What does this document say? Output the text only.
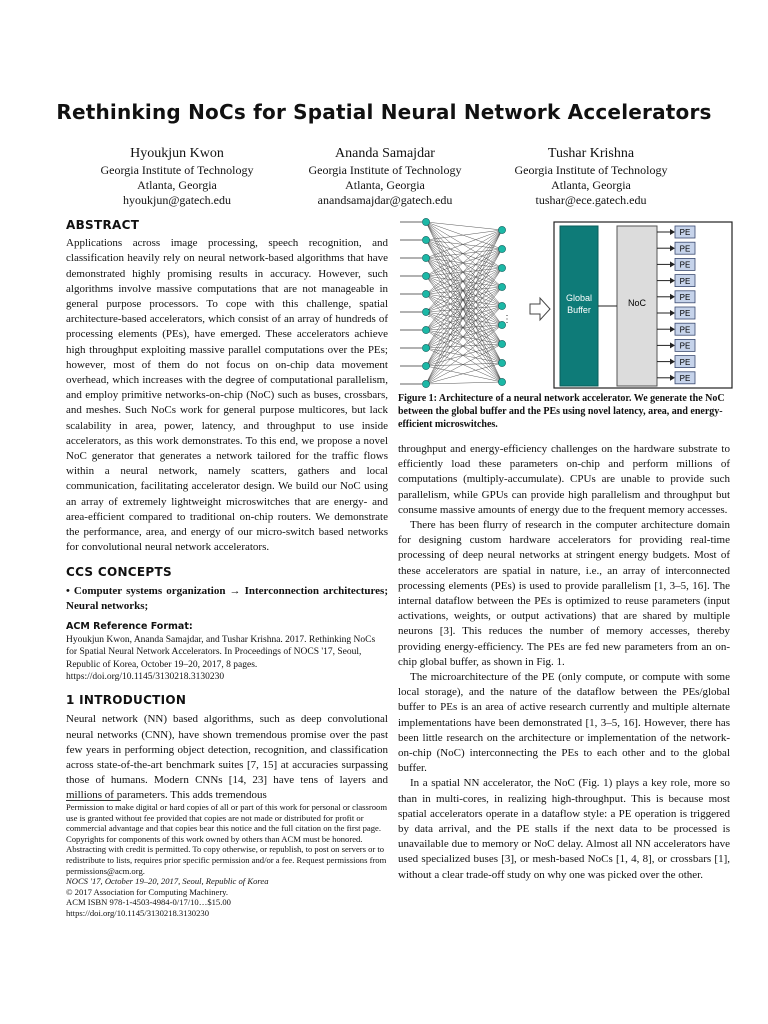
Rethinking NoCs for Spatial Neural Network Accelerators
Hyoukjun Kwon
Georgia Institute of Technology
Atlanta, Georgia
hyoukjun@gatech.edu
Ananda Samajdar
Georgia Institute of Technology
Atlanta, Georgia
anandsamajdar@gatech.edu
Tushar Krishna
Georgia Institute of Technology
Atlanta, Georgia
tushar@ece.gatech.edu
ABSTRACT

Applications across image processing, speech recognition, and classification heavily rely on neural network-based algorithms that have demonstrated highly promising results in accuracy. However, such algorithms involve massive computations that are not manageable in general purpose processors. To cope with this challenge, spatial architecture-based accelerators, which consist of an array of hundreds of processing elements (PEs), have emerged. These accelerators achieve high throughput exploiting massive parallel computations over the PEs; however, most of them do not focus on on-chip data movement overhead, which increases with the degree of computational parallelism, and employ primitive networks-on-chip (NoC) such as buses, crossbars, and meshes. Such NoCs work for general purpose multicores, but lack scalability in area, power, latency, and throughput to use inside accelerators, as this work demonstrates. To this end, we propose a novel NoC generator that generates a network tailored for the traffic flows within a neural network, namely scatters, gathers and local communication, facilitating accelerator design. We build our NoC using an array of extremely lightweight microswitches that are energy- and area-efficient compared to traditional on-chip routers. We demonstrate the performance, area, and energy of our micro-switch based networks for convolutional neural network accelerators.

CCS CONCEPTS

• Computer systems organization → Interconnection architectures; Neural networks;

ACM Reference Format:

Hyoukjun Kwon, Ananda Samajdar, and Tushar Krishna. 2017. Rethinking NoCs for Spatial Neural Network Accelerators. In Proceedings of NOCS '17, Seoul, Republic of Korea, October 19–20, 2017, 8 pages. https://doi.org/10.1145/3130218.3130230

1 INTRODUCTION

Neural network (NN) based algorithms, such as deep convolutional neural networks (CNN), have shown tremendous promise over the past few years in performing object detection, recognition, and classification across state-of-the-art benchmark suites [7, 15] at accuracies surpassing those of humans. Modern CNNs [14, 23] have tens of layers and millions of parameters. This adds tremendous

Permission to make digital or hard copies of all or part of this work for personal or classroom use is granted without fee provided that copies are not made or distributed for profit or commercial advantage and that copies bear this notice and the full citation on the first page. Copyrights for components of this work owned by others than ACM must be honored. Abstracting with credit is permitted. To copy otherwise, or republish, to post on servers or to redistribute to lists, requires prior specific permission and/or a fee. Request permissions from permissions@acm.org.

NOCS '17, October 19–20, 2017, Seoul, Republic of Korea

© 2017 Association for Computing Machinery.

ACM ISBN 978-1-4503-4984-0/17/10…$15.00

https://doi.org/10.1145/3130218.3130230

⋮
⋮
Global
Buffer
NoC
PE
PE
PE
PE
PE
PE
PE
PE
PE
PE
Figure 1: Architecture of a neural network accelerator. We generate the NoC between the global buffer and the PEs using novel latency, area, and energy-efficient microswitches.

throughput and energy-efficiency challenges on the hardware substrate to efficiently load these parameters on-chip and perform millions of computations (multiply-accumulate). CPUs are unable to provide such parallelism, while GPUs can provide high parallelism and throughput but consume massive amounts of energy due to the frequent memory accesses.

There has been flurry of research in the computer architecture domain for designing custom hardware accelerators for providing real-time processing of deep neural networks at stringent energy budgets. Most of these accelerators are spatial in nature, i.e., an array of interconnected processing elements (PEs) is used to provide parallelism [1, 3–5, 16]. The internal dataflow between the PEs is optimized to reuse parameters (input activations, weights, or output activations) that are shared by multiple neurons [3]. This reduces the number of memory accesses, thereby providing energy-efficiency. The PEs are fed new parameters from an on-chip global buffer, as shown in Fig. 1.

The microarchitecture of the PE (only compute, or compute with some local storage), and the nature of the dataflow between the PEs/global buffer to PEs is an area of active research currently and multiple alternate implementations have been demonstrated [1, 3–5, 16]. However, there has been little research on the architecture or implementation of the network-on-chip (NoC) interconnecting the PEs to each other and to the global buffer.

In a spatial NN accelerator, the NoC (Fig. 1) plays a key role, more so than in multi-cores, in realizing high-throughput. This is because most spatial accelerators operate in a dataflow style: a PE operation is triggered by data arrival, and the PE stalls if the next data to be processed is unavailable due to memory or NoC delay. Almost all NN accelerators have used specialized buses [3], or mesh-based NoCs [1, 4, 8], or crossbars [1], without a clear trade-off study on why one was picked over the other.
